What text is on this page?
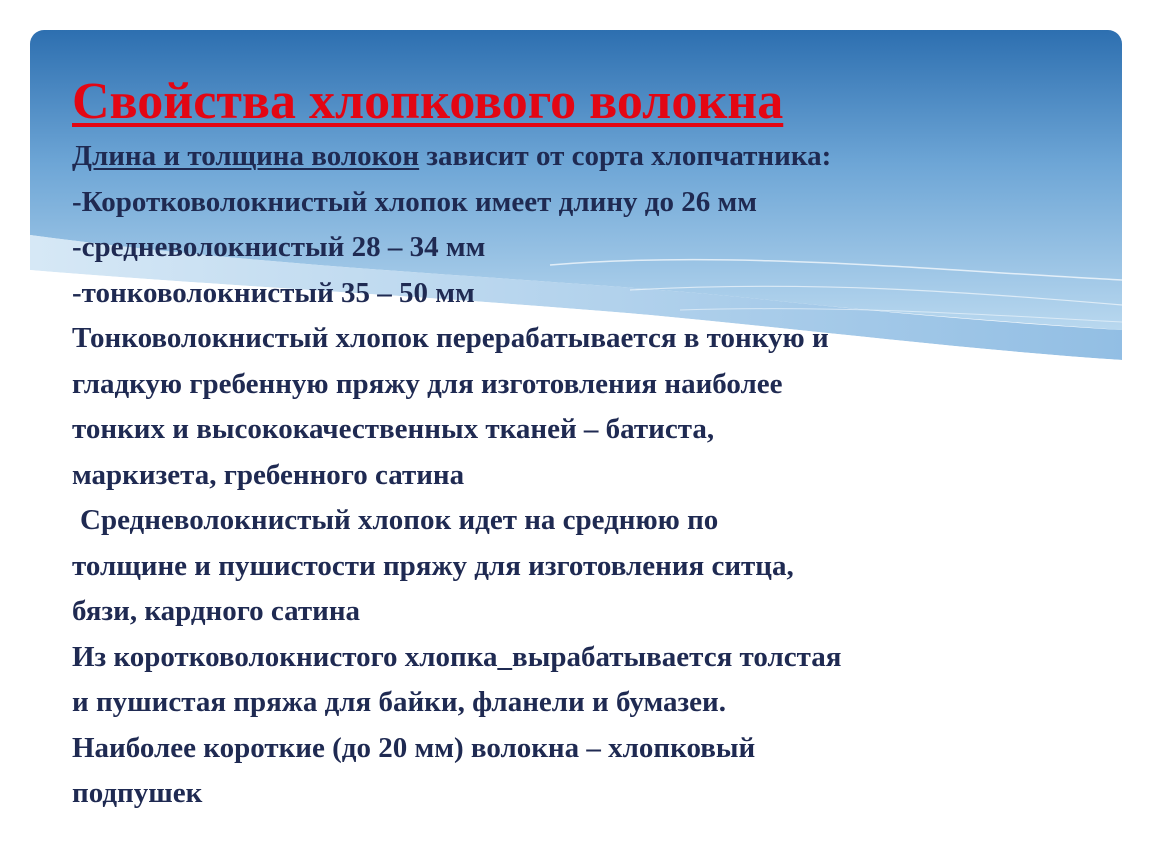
Свойства хлопкового волокна
Длина и толщина волокон зависит от сорта хлопчатника:
-Коротковолокнистый хлопок имеет длину до 26 мм
-средневолокнистый 28 – 34 мм
-тонковолокнистый 35 – 50 мм
Тонковолокнистый хлопок перерабатывается в тонкую и
гладкую гребенную пряжу для изготовления наиболее
тонких и высококачественных тканей – батиста,
маркизета, гребенного сатина
Средневолокнистый хлопок идет на среднюю по
толщине и пушистости пряжу для изготовления ситца,
бязи, кардного сатина
Из коротковолокнистого хлопка_вырабатывается толстая
и пушистая пряжа для байки, фланели и бумазеи.
Наиболее короткие (до 20 мм) волокна – хлопковый
подпушек
